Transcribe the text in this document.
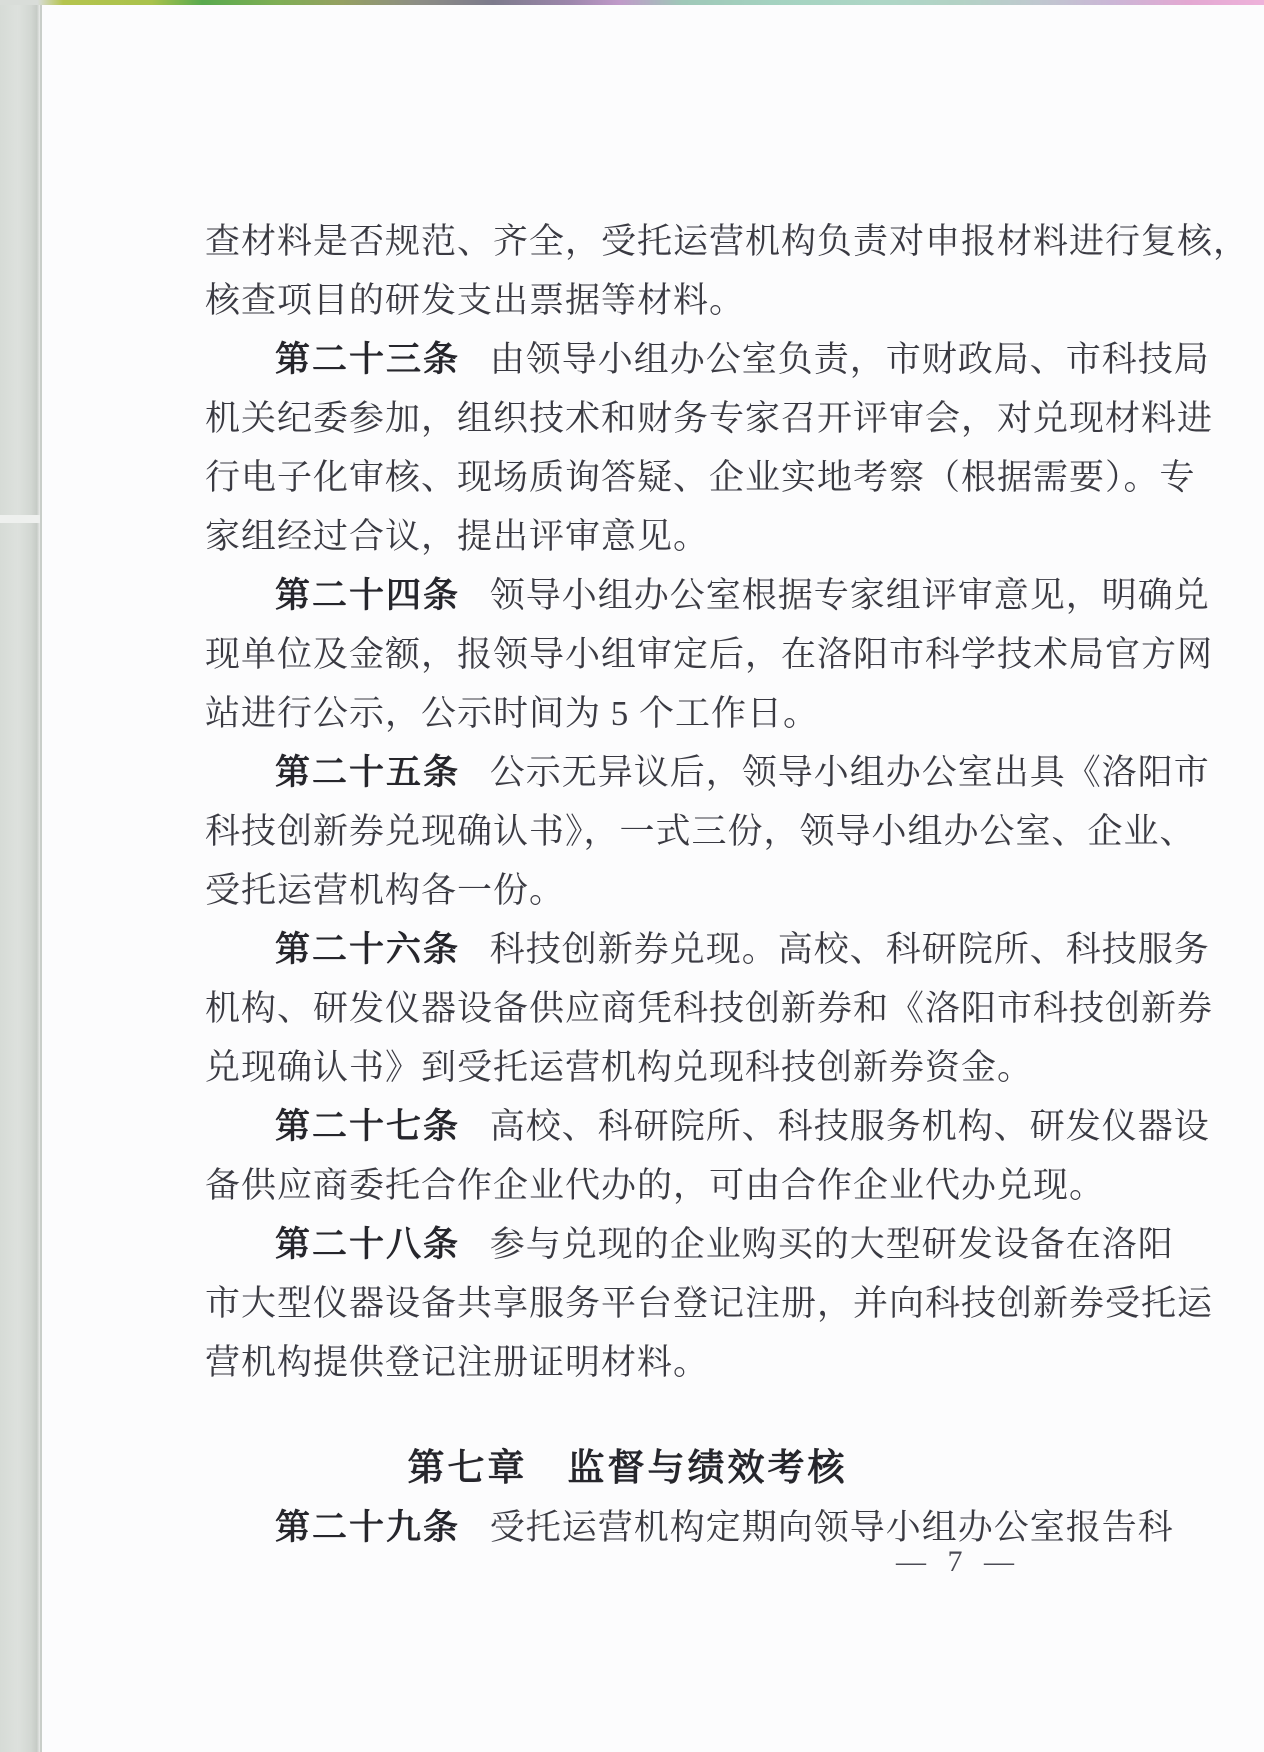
查材料是否规范、齐全，受托运营机构负责对申报材料进行复核，

核查项目的研发支出票据等材料。

第二十三条 由领导小组办公室负责，市财政局、市科技局

机关纪委参加，组织技术和财务专家召开评审会，对兑现材料进

行电子化审核、现场质询答疑、企业实地考察（根据需要）。专

家组经过合议，提出评审意见。

第二十四条 领导小组办公室根据专家组评审意见，明确兑

现单位及金额，报领导小组审定后，在洛阳市科学技术局官方网

站进行公示，公示时间为 5 个工作日。

第二十五条 公示无异议后，领导小组办公室出具《洛阳市

科技创新券兑现确认书》，一式三份，领导小组办公室、企业、

受托运营机构各一份。

第二十六条 科技创新券兑现。高校、科研院所、科技服务

机构、研发仪器设备供应商凭科技创新券和《洛阳市科技创新券

兑现确认书》到受托运营机构兑现科技创新券资金。

第二十七条 高校、科研院所、科技服务机构、研发仪器设

备供应商委托合作企业代办的，可由合作企业代办兑现。

第二十八条 参与兑现的企业购买的大型研发设备在洛阳

市大型仪器设备共享服务平台登记注册，并向科技创新券受托运

营机构提供登记注册证明材料。

第七章　监督与绩效考核

第二十九条 受托运营机构定期向领导小组办公室报告科

— 7 —
